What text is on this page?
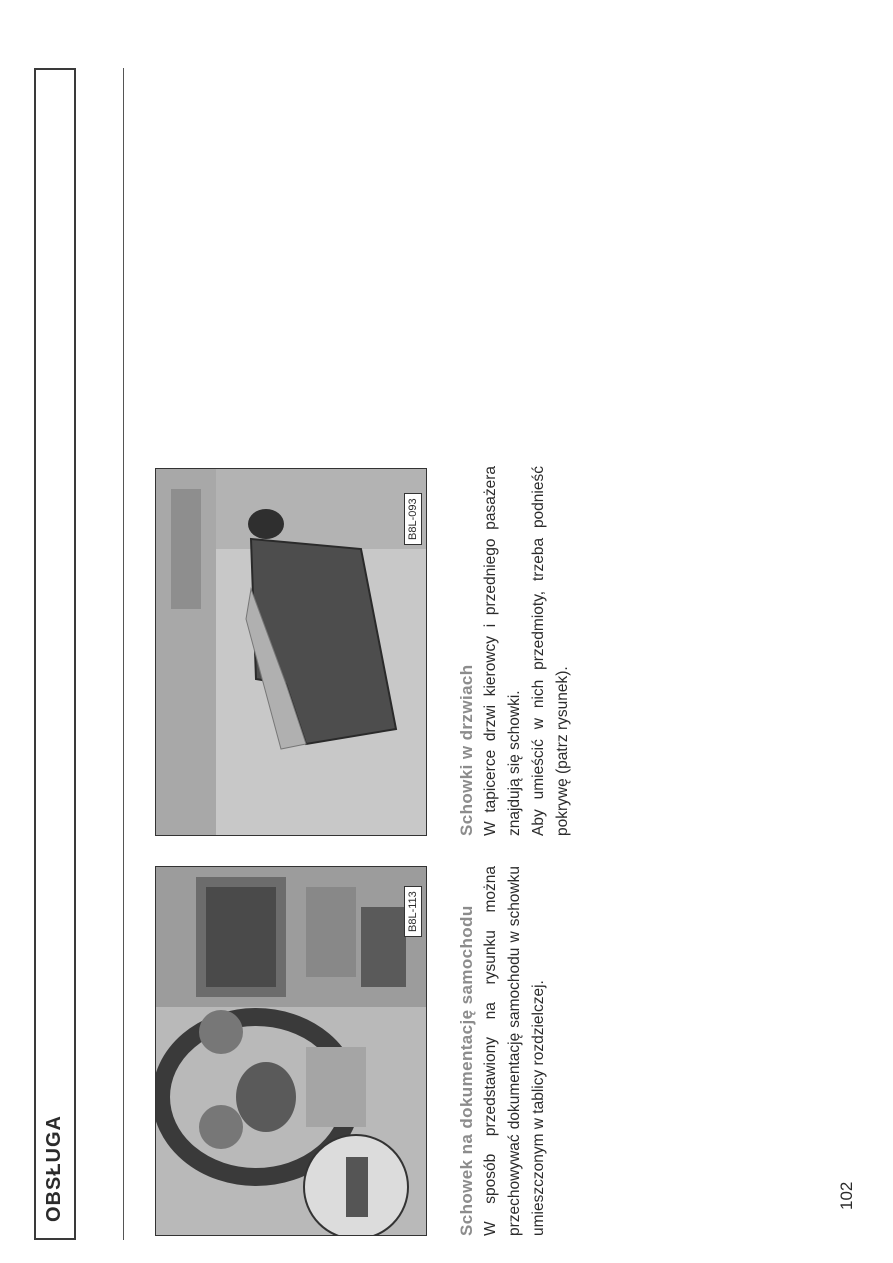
OBSŁUGA
B8L-113
B8L-093

Schowek na dokumentację samochodu W sposób przedstawiony na rysunku można przechowywać dokumentację samochodu w schowku umieszczonym w tablicy rozdzielczej.

Schowki w drzwiach W tapicerce drzwi kierowcy i przedniego pasażera znajdują się schowki. Aby umieścić w nich przedmioty, trzeba podnieść pokrywę (patrz rysunek).

102
